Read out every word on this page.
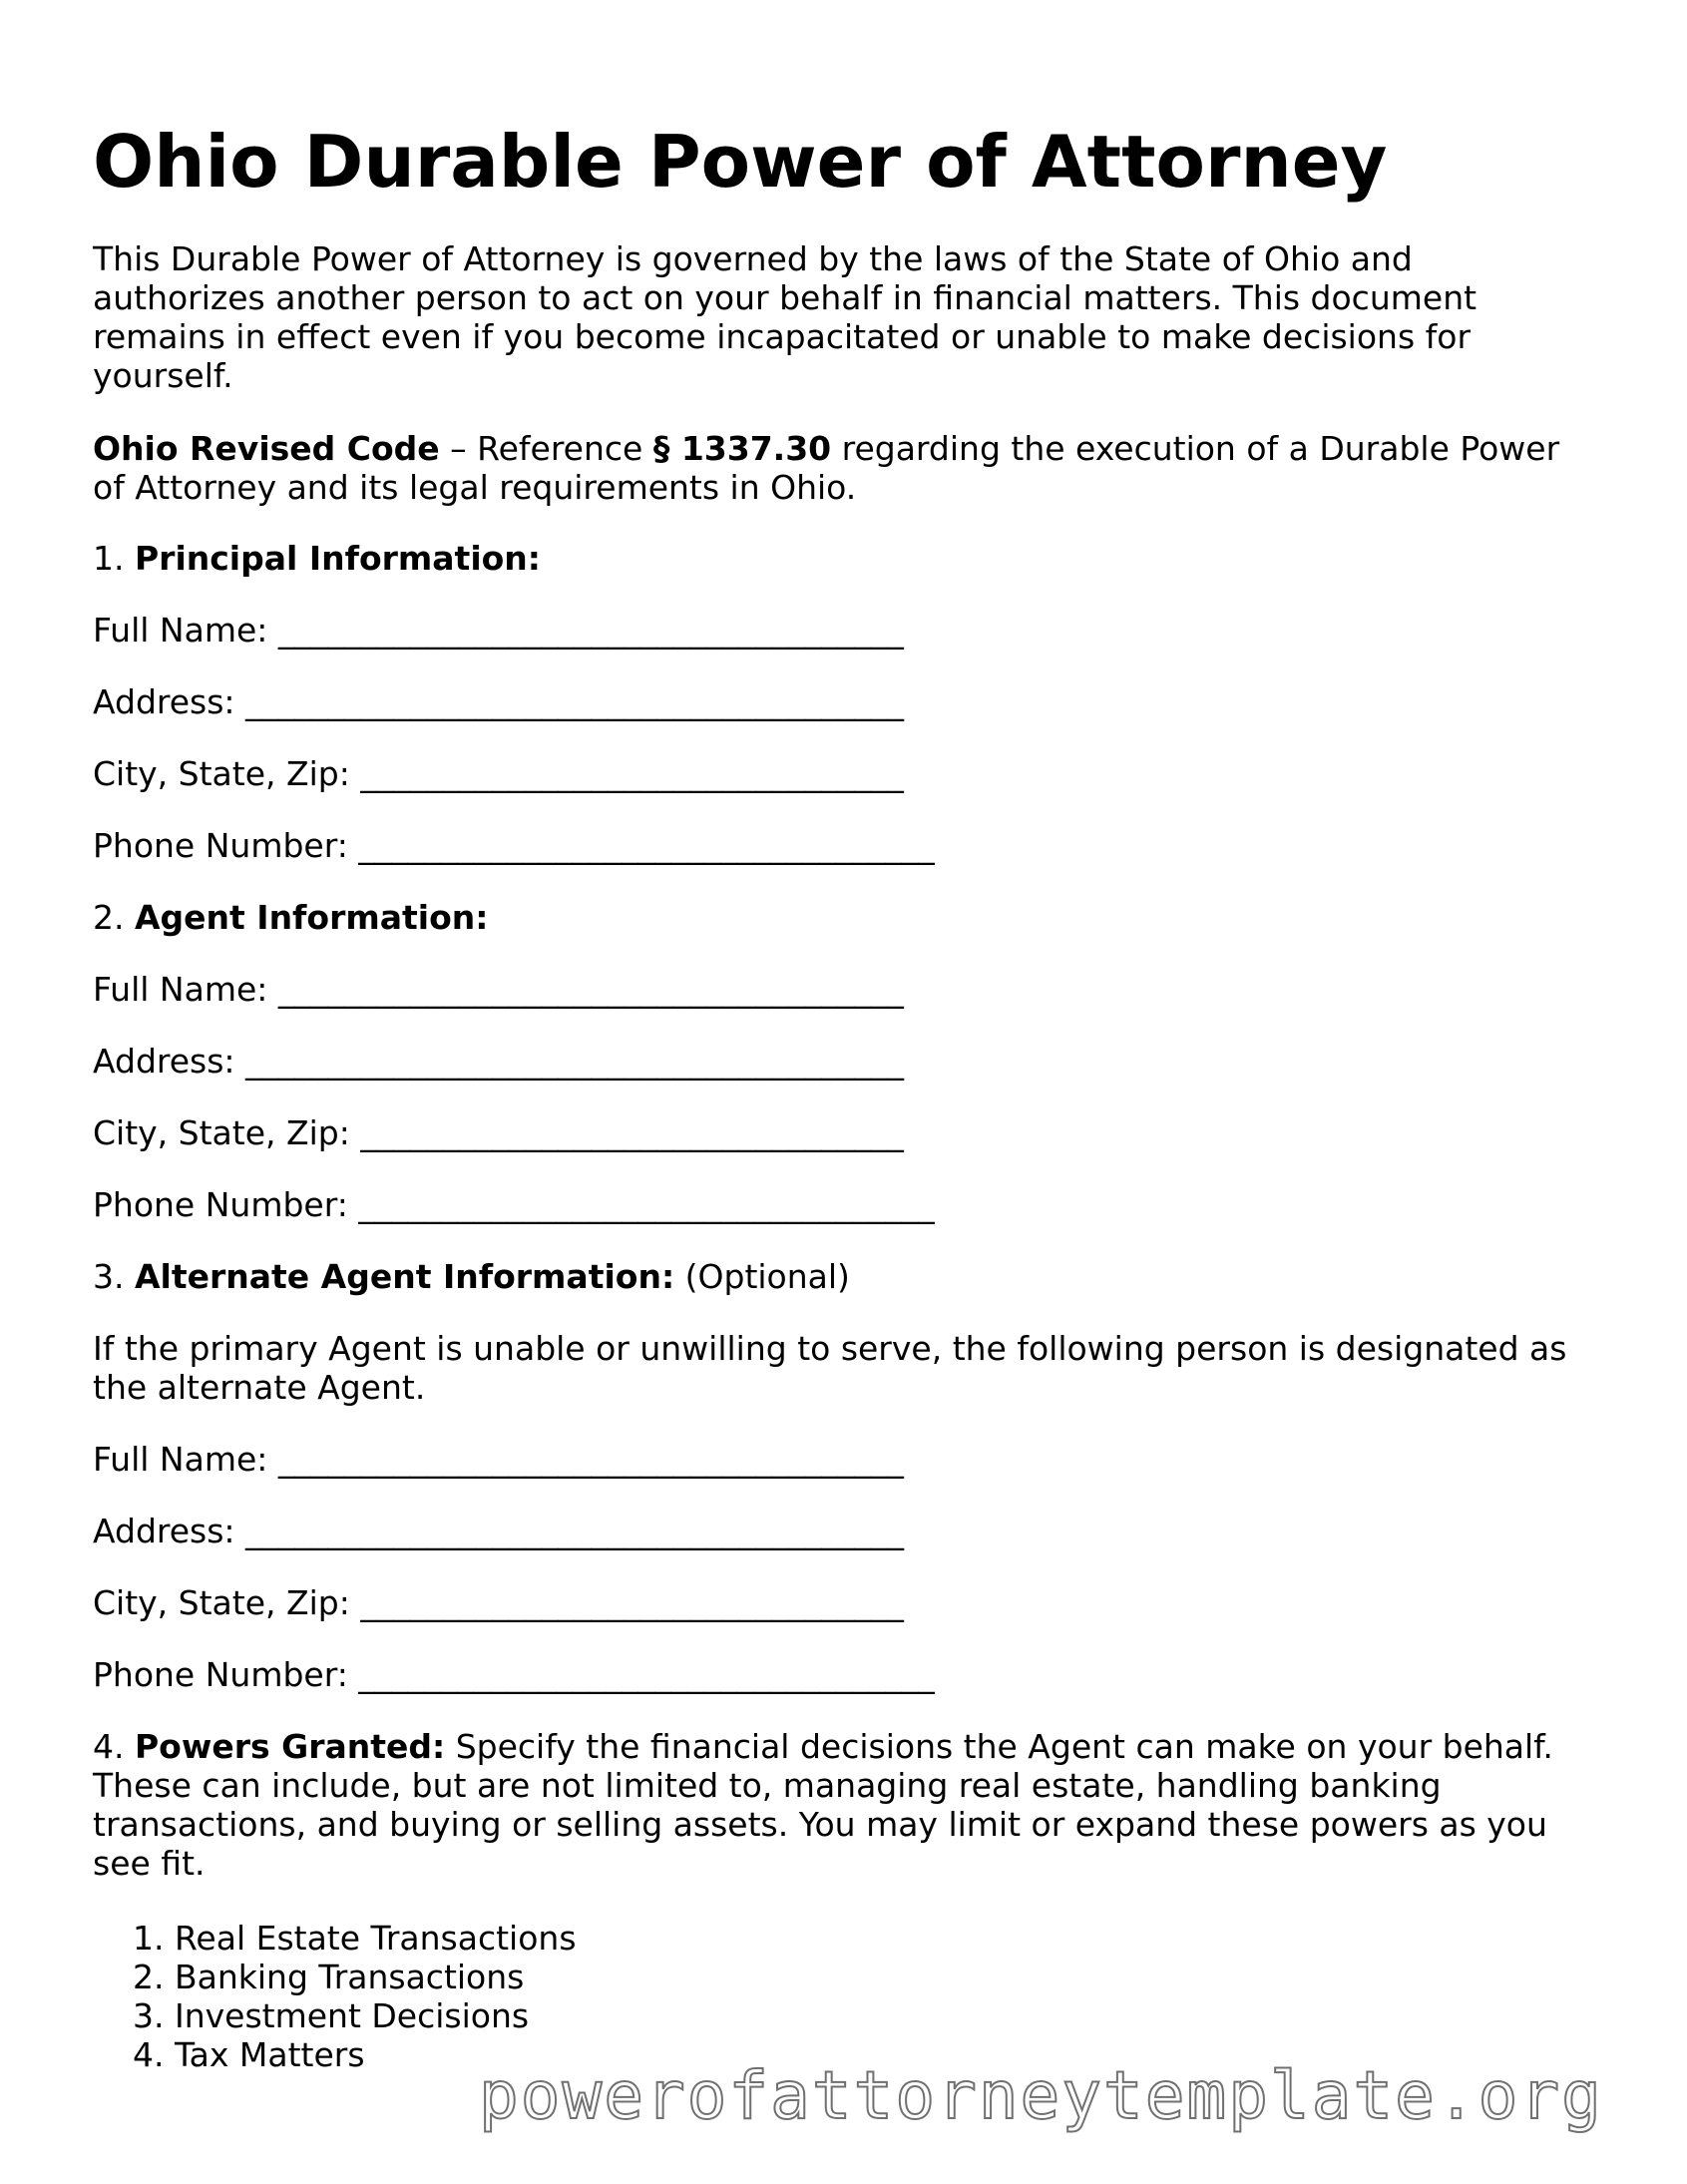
Ohio Durable Power of Attorney

This Durable Power of Attorney is governed by the laws of the State of Ohio and authorizes another person to act on your behalf in financial matters. This document remains in effect even if you become incapacitated or unable to make decisions for yourself.

Ohio Revised Code – Reference § 1337.30 regarding the execution of a Durable Power of Attorney and its legal requirements in Ohio.

1. Principal Information:

Full Name: ______________________________________

Address: ________________________________________

City, State, Zip: _________________________________

Phone Number: ___________________________________

2. Agent Information:

Full Name: ______________________________________

Address: ________________________________________

City, State, Zip: _________________________________

Phone Number: ___________________________________

3. Alternate Agent Information: (Optional)

If the primary Agent is unable or unwilling to serve, the following person is designated as the alternate Agent.

Full Name: ______________________________________

Address: ________________________________________

City, State, Zip: _________________________________

Phone Number: ___________________________________

4. Powers Granted: Specify the financial decisions the Agent can make on your behalf. These can include, but are not limited to, managing real estate, handling banking transactions, and buying or selling assets. You may limit or expand these powers as you see fit.

1. Real Estate Transactions
2. Banking Transactions
3. Investment Decisions
4. Tax Matters
powerofattorneytemplate.org
